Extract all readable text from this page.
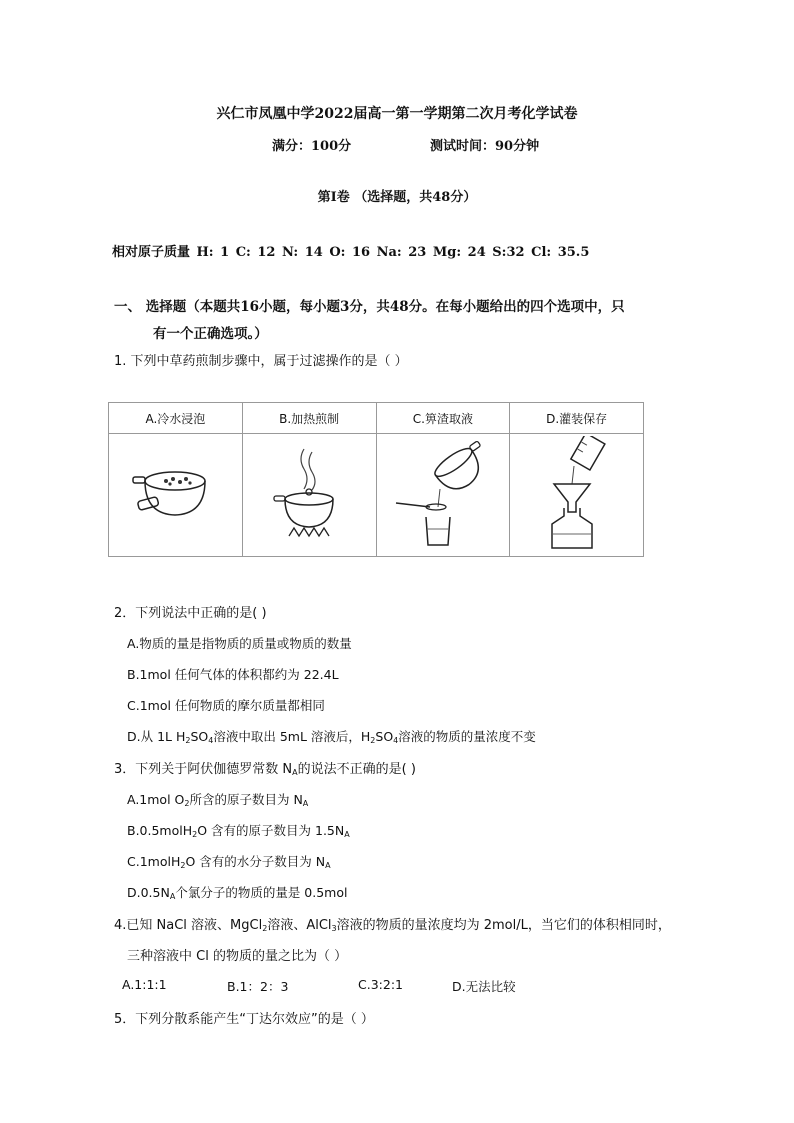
兴仁市凤凰中学2022届高一第一学期第二次月考化学试卷
满分：100分	测试时间：90分钟
第Ⅰ卷 （选择题，共48分）
相对原子质量 H: 1 C: 12 N: 14 O: 16 Na: 23 Mg: 24 S:32 Cl: 35.5
一、 选择题（本题共16小题，每小题3分，共48分。在每小题给出的四个选项中，只
有一个正确选项。）
1. 下列中草药煎制步骤中，属于过滤操作的是（ ）
A.冷水浸泡	B.加热煎制	C.箅渣取液	D.灌装保存

2．下列说法中正确的是( )
A.物质的量是指物质的质量或物质的数量
B.1mol 任何气体的体积都约为 22.4L
C.1mol 任何物质的摩尔质量都相同
D.从 1L $H_2SO_4$溶液中取出 5mL 溶液后，$H_2SO_4$溶液的物质的量浓度不变
3．下列关于阿伏伽德罗常数 $N_A$的说法不正确的是( )
A.1mol $O_2$所含的原子数目为 $N_A$
B.0.5molH$_2$O 含有的原子数目为 $1.5N_A$
C.1molH$_2$O 含有的水分子数目为 $N_A$
$D.0.5N_A$个氯分子的物质的量是 0.5mol
4.已知 NaCl 溶液、MgCl$_2$溶液、AlCl$_3$溶液的物质的量浓度均为 2mol/L，当它们的体积相同时，
三种溶液中 Cl 的物质的量之比为（ ）
A.1:1:1	B.1：2：3	C.3:2:1	D.无法比较
5．下列分散系能产生“丁达尔效应”的是（ ）
